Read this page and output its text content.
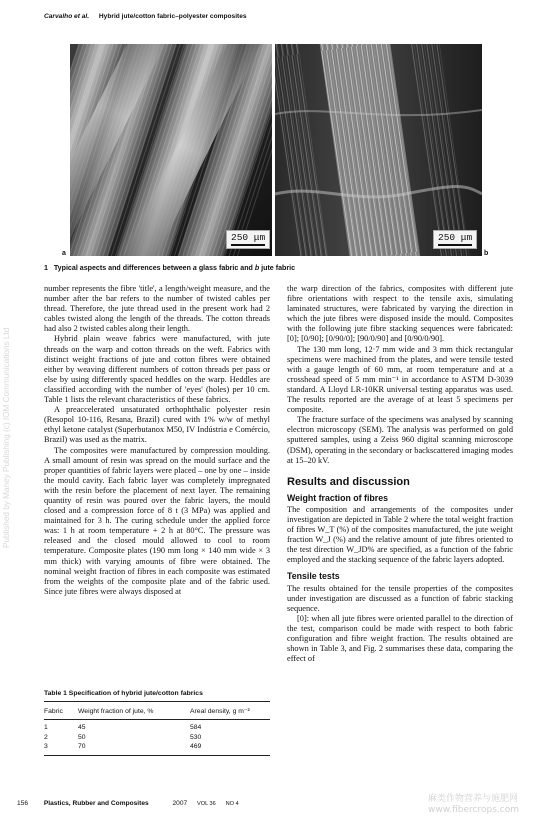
Carvalho et al. Hybrid jute/cotton fabric–polyester composites
250 μm
a
250 μm
b
1 Typical aspects and differences between a glass fabric and b jute fabric
Published by Maney Publishing (c) IOM Communications Ltd

number represents the fibre 'title', a length/weight measure, and the number after the bar refers to the number of twisted cables per thread. Therefore, the jute thread used in the present work had 2 cables twisted along the length of the threads. The cotton threads had also 2 twisted cables along their length.

Hybrid plain weave fabrics were manufactured, with jute threads on the warp and cotton threads on the weft. Fabrics with distinct weight fractions of jute and cotton fibres were obtained either by weaving different numbers of cotton threads per pass or else by using differently spaced heddles on the warp. Heddles are classified according with the number of 'eyes' (holes) per 10 cm. Table 1 lists the relevant characteristics of these fabrics.

A preaccelerated unsaturated orthophthalic polyester resin (Resopol 10-116, Resana, Brazil) cured with 1% w/w of methyl ethyl ketone catalyst (Superbutanox M50, IV Indústria e Comércio, Brazil) was used as the matrix.

The composites were manufactured by compression moulding. A small amount of resin was spread on the mould surface and the proper quantities of fabric layers were placed – one by one – inside the mould cavity. Each fabric layer was completely impregnated with the resin before the placement of next layer. The remaining quantity of resin was poured over the fabric layers, the mould closed and a compression force of 8 t (3 MPa) was applied and maintained for 3 h. The curing schedule under the applied force was: 1 h at room temperature + 2 h at 80°C. The pressure was released and the closed mould allowed to cool to room temperature. Composite plates (190 mm long × 140 mm wide × 3 mm thick) with varying amounts of fibre were obtained. The nominal weight fraction of fibres in each composite was estimated from the weights of the composite plate and of the fabric used. Since jute fibres were always disposed at

Table 1 Specification of hybrid jute/cotton fabrics
Fabric	Weight fraction of jute, %	Areal density, g m⁻²
1	45	584
2	50	530
3	70	469

the warp direction of the fabrics, composites with different jute fibre orientations with respect to the tensile axis, simulating laminated structures, were fabricated by varying the direction in which the jute fibres were disposed inside the mould. Composites with the following jute fibre stacking sequences were fabricated: [0]; [0/90]; [0/90/0]; [90/0/90] and [0/90/0/90].

The 130 mm long, 12·7 mm wide and 3 mm thick rectangular specimens were machined from the plates, and were tensile tested with a gauge length of 60 mm, at room temperature and at a crosshead speed of 5 mm min⁻¹ in accordance to ASTM D-3039 standard. A Lloyd LR-10KR universal testing apparatus was used. The results reported are the average of at least 5 specimens per composite.

The fracture surface of the specimens was analysed by scanning electron microscopy (SEM). The analysis was performed on gold sputtered samples, using a Zeiss 960 digital scanning microscope (DSM), operating in the secondary or backscattered imaging modes at 15–20 kV.

Results and discussion
Weight fraction of fibres

The composition and arrangements of the composites under investigation are depicted in Table 2 where the total weight fraction of fibres W_T (%) of the composites manufactured, the jute weight fraction W_J (%) and the relative amount of jute fibres oriented to the test direction W_JD% are specified, as a function of the fabric employed and the stacking sequence of the fabric layers adopted.

Tensile tests

The results obtained for the tensile properties of the composites under investigation are discussed as a function of fabric stacking sequence.

[0]: when all jute fibres were oriented parallel to the direction of the test, comparison could be made with respect to both fabric configuration and fibre weight fraction. The results obtained are shown in Table 3, and Fig. 2 summarises these data, comparing the effect of

156 Plastics, Rubber and Composites	2007 VOL 36 NO 4	麻类作物营养与施肥网
www.fibercrops.com
